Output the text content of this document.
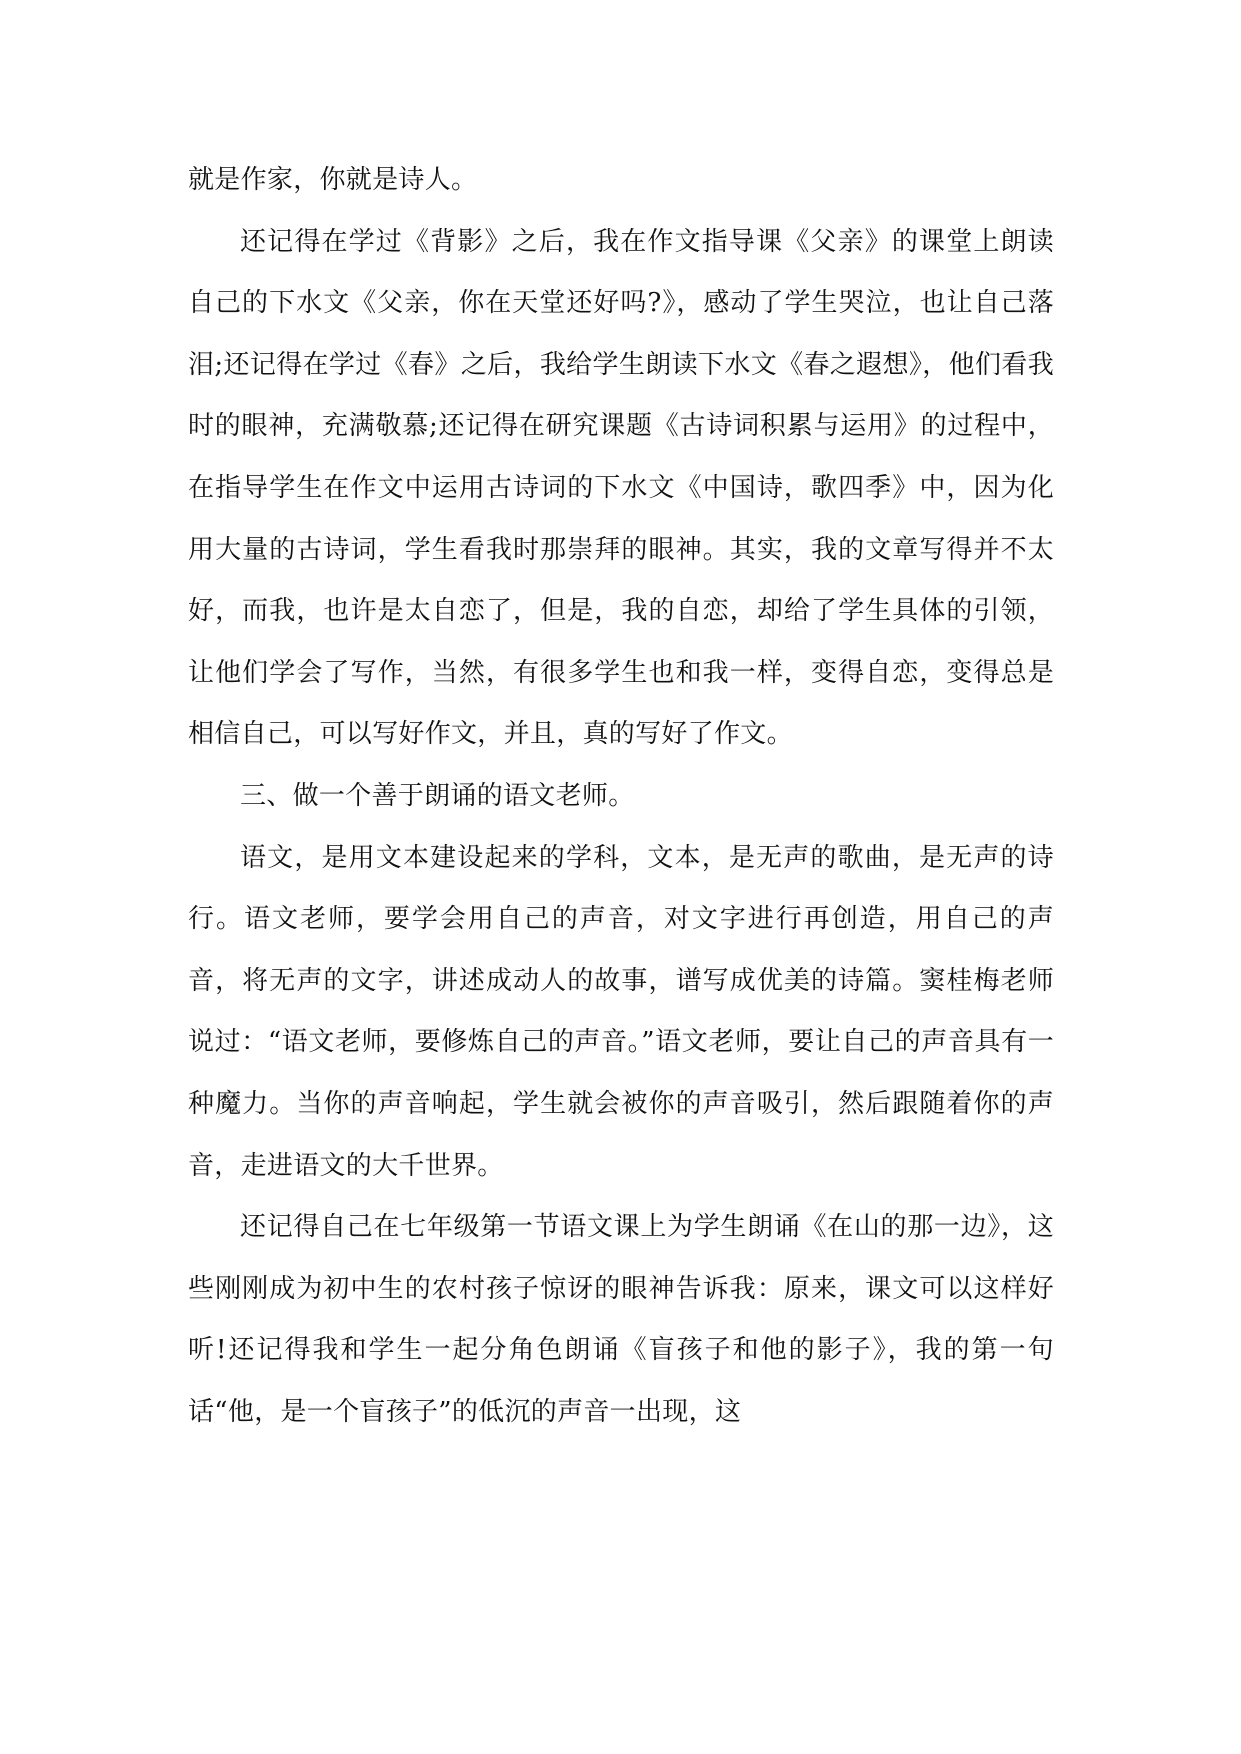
就是作家，你就是诗人。

还记得在学过《背影》之后，我在作文指导课《父亲》的课堂上朗读自己的下水文《父亲，你在天堂还好吗?》，感动了学生哭泣，也让自己落泪;还记得在学过《春》之后，我给学生朗读下水文《春之遐想》，他们看我时的眼神，充满敬慕;还记得在研究课题《古诗词积累与运用》的过程中，在指导学生在作文中运用古诗词的下水文《中国诗，歌四季》中，因为化用大量的古诗词，学生看我时那崇拜的眼神。其实，我的文章写得并不太好，而我，也许是太自恋了，但是，我的自恋，却给了学生具体的引领，让他们学会了写作，当然，有很多学生也和我一样，变得自恋，变得总是相信自己，可以写好作文，并且，真的写好了作文。

三、做一个善于朗诵的语文老师。

语文，是用文本建设起来的学科，文本，是无声的歌曲，是无声的诗行。语文老师，要学会用自己的声音，对文字进行再创造，用自己的声音，将无声的文字，讲述成动人的故事，谱写成优美的诗篇。窦桂梅老师说过：“语文老师，要修炼自己的声音。”语文老师，要让自己的声音具有一种魔力。当你的声音响起，学生就会被你的声音吸引，然后跟随着你的声音，走进语文的大千世界。

还记得自己在七年级第一节语文课上为学生朗诵《在山的那一边》，这些刚刚成为初中生的农村孩子惊讶的眼神告诉我：原来，课文可以这样好听!还记得我和学生一起分角色朗诵《盲孩子和他的影子》，我的第一句话“他，是一个盲孩子”的低沉的声音一出现，这
